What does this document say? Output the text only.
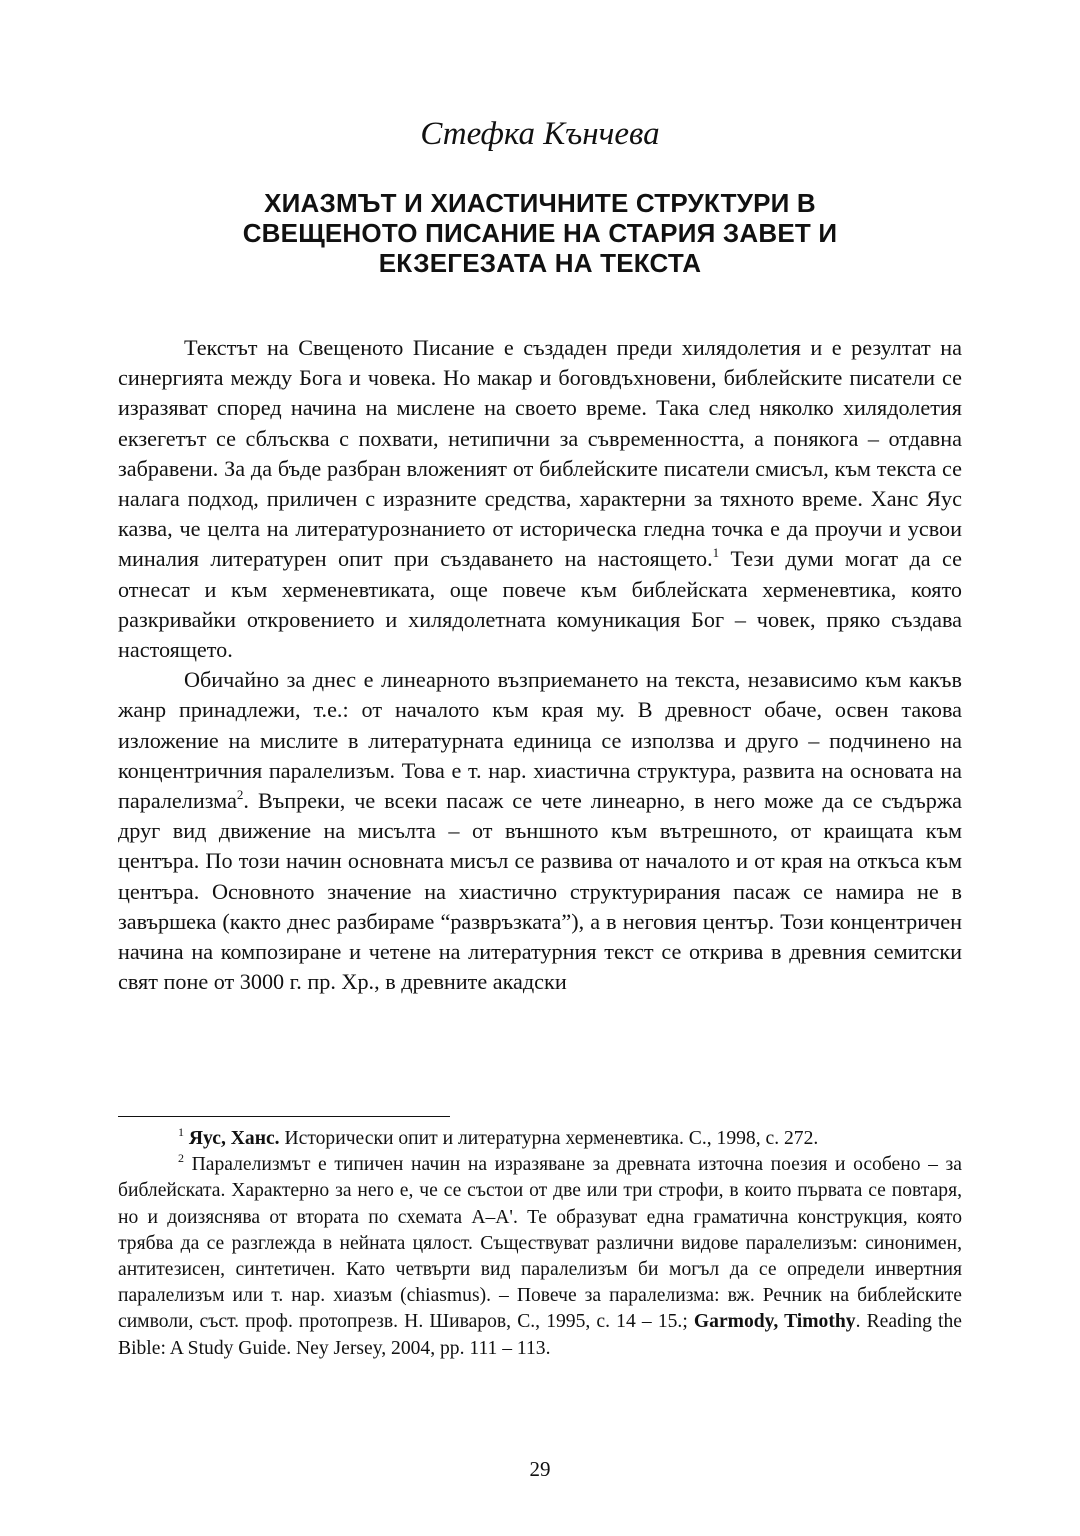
Стефка Кънчева
ХИАЗМЪТ И ХИАСТИЧНИТЕ СТРУКТУРИ В
СВЕЩЕНОТО ПИСАНИЕ НА СТАРИЯ ЗАВЕТ И
ЕКЗЕГЕЗАТА НА ТЕКСТА

Текстът на Свещеното Писание е създаден преди хилядолетия и е резултат на синергията между Бога и човека. Но макар и боговдъхновени, библейските писатели се изразяват според начина на мислене на своето време. Така след няколко хилядолетия екзегетът се сблъсква с похвати, нетипични за съвременността, а понякога – отдавна забравени. За да бъде разбран вложеният от библейските писатели смисъл, към текста се налага подход, приличен с изразните средства, характерни за тяхното време. Ханс Яус казва, че целта на литературознанието от историческа гледна точка е да проучи и усвои миналия литературен опит при създаването на настоящето.$^1$ Тези думи могат да се отнесат и към херменевтиката, още повече към библейската херменевтика, която разкривайки откровението и хилядолетната комуникация Бог – човек, пряко създава настоящето.

Обичайно за днес е линеарното възприемането на текста, независимо към какъв жанр принадлежи, т.е.: от началото към края му. В древност обаче, освен такова изложение на мислите в литературната единица се използва и друго – подчинено на концентричния паралелизъм. Това е т. нар. хиастична структура, развита на основата на паралелизма$^2$. Въпреки, че всеки пасаж се чете линеарно, в него може да се съдържа друг вид движение на мисълта – от външното към вътрешното, от краищата към центъра. По този начин основната мисъл се развива от началото и от края на откъса към центъра. Основното значение на хиастично структурирания пасаж се намира не в завършека (както днес разбираме “развръзката”), а в неговия център. Този концентричен начина на композиране и четене на литературния текст се открива в древния семитски свят поне от 3000 г. пр. Хр., в древните акадски

$^1$ Яус, Ханс. Исторически опит и литературна херменевтика. С., 1998, с. 272.

$^2$ Паралелизмът е типичен начин на изразяване за древната източна поезия и особено – за библейската. Характерно за него е, че се състои от две или три строфи, в които първата се повтаря, но и доизяснява от втората по схемата А–А'. Те образуват една граматична конструкция, която трябва да се разглежда в нейната цялост. Съществуват различни видове паралелизъм: синонимен, антитезисен, синтетичен. Като четвърти вид паралелизъм би могъл да се определи инвертния паралелизъм или т. нар. хиазъм (chiasmus). – Повече за паралелизма: вж. Речник на библейските символи, съст. проф. протопрезв. Н. Шиваров, С., 1995, с. 14 – 15.; Garmody, Timothy. Reading the Bible: A Study Guide. Ney Jersey, 2004, pp. 111 – 113.

29
